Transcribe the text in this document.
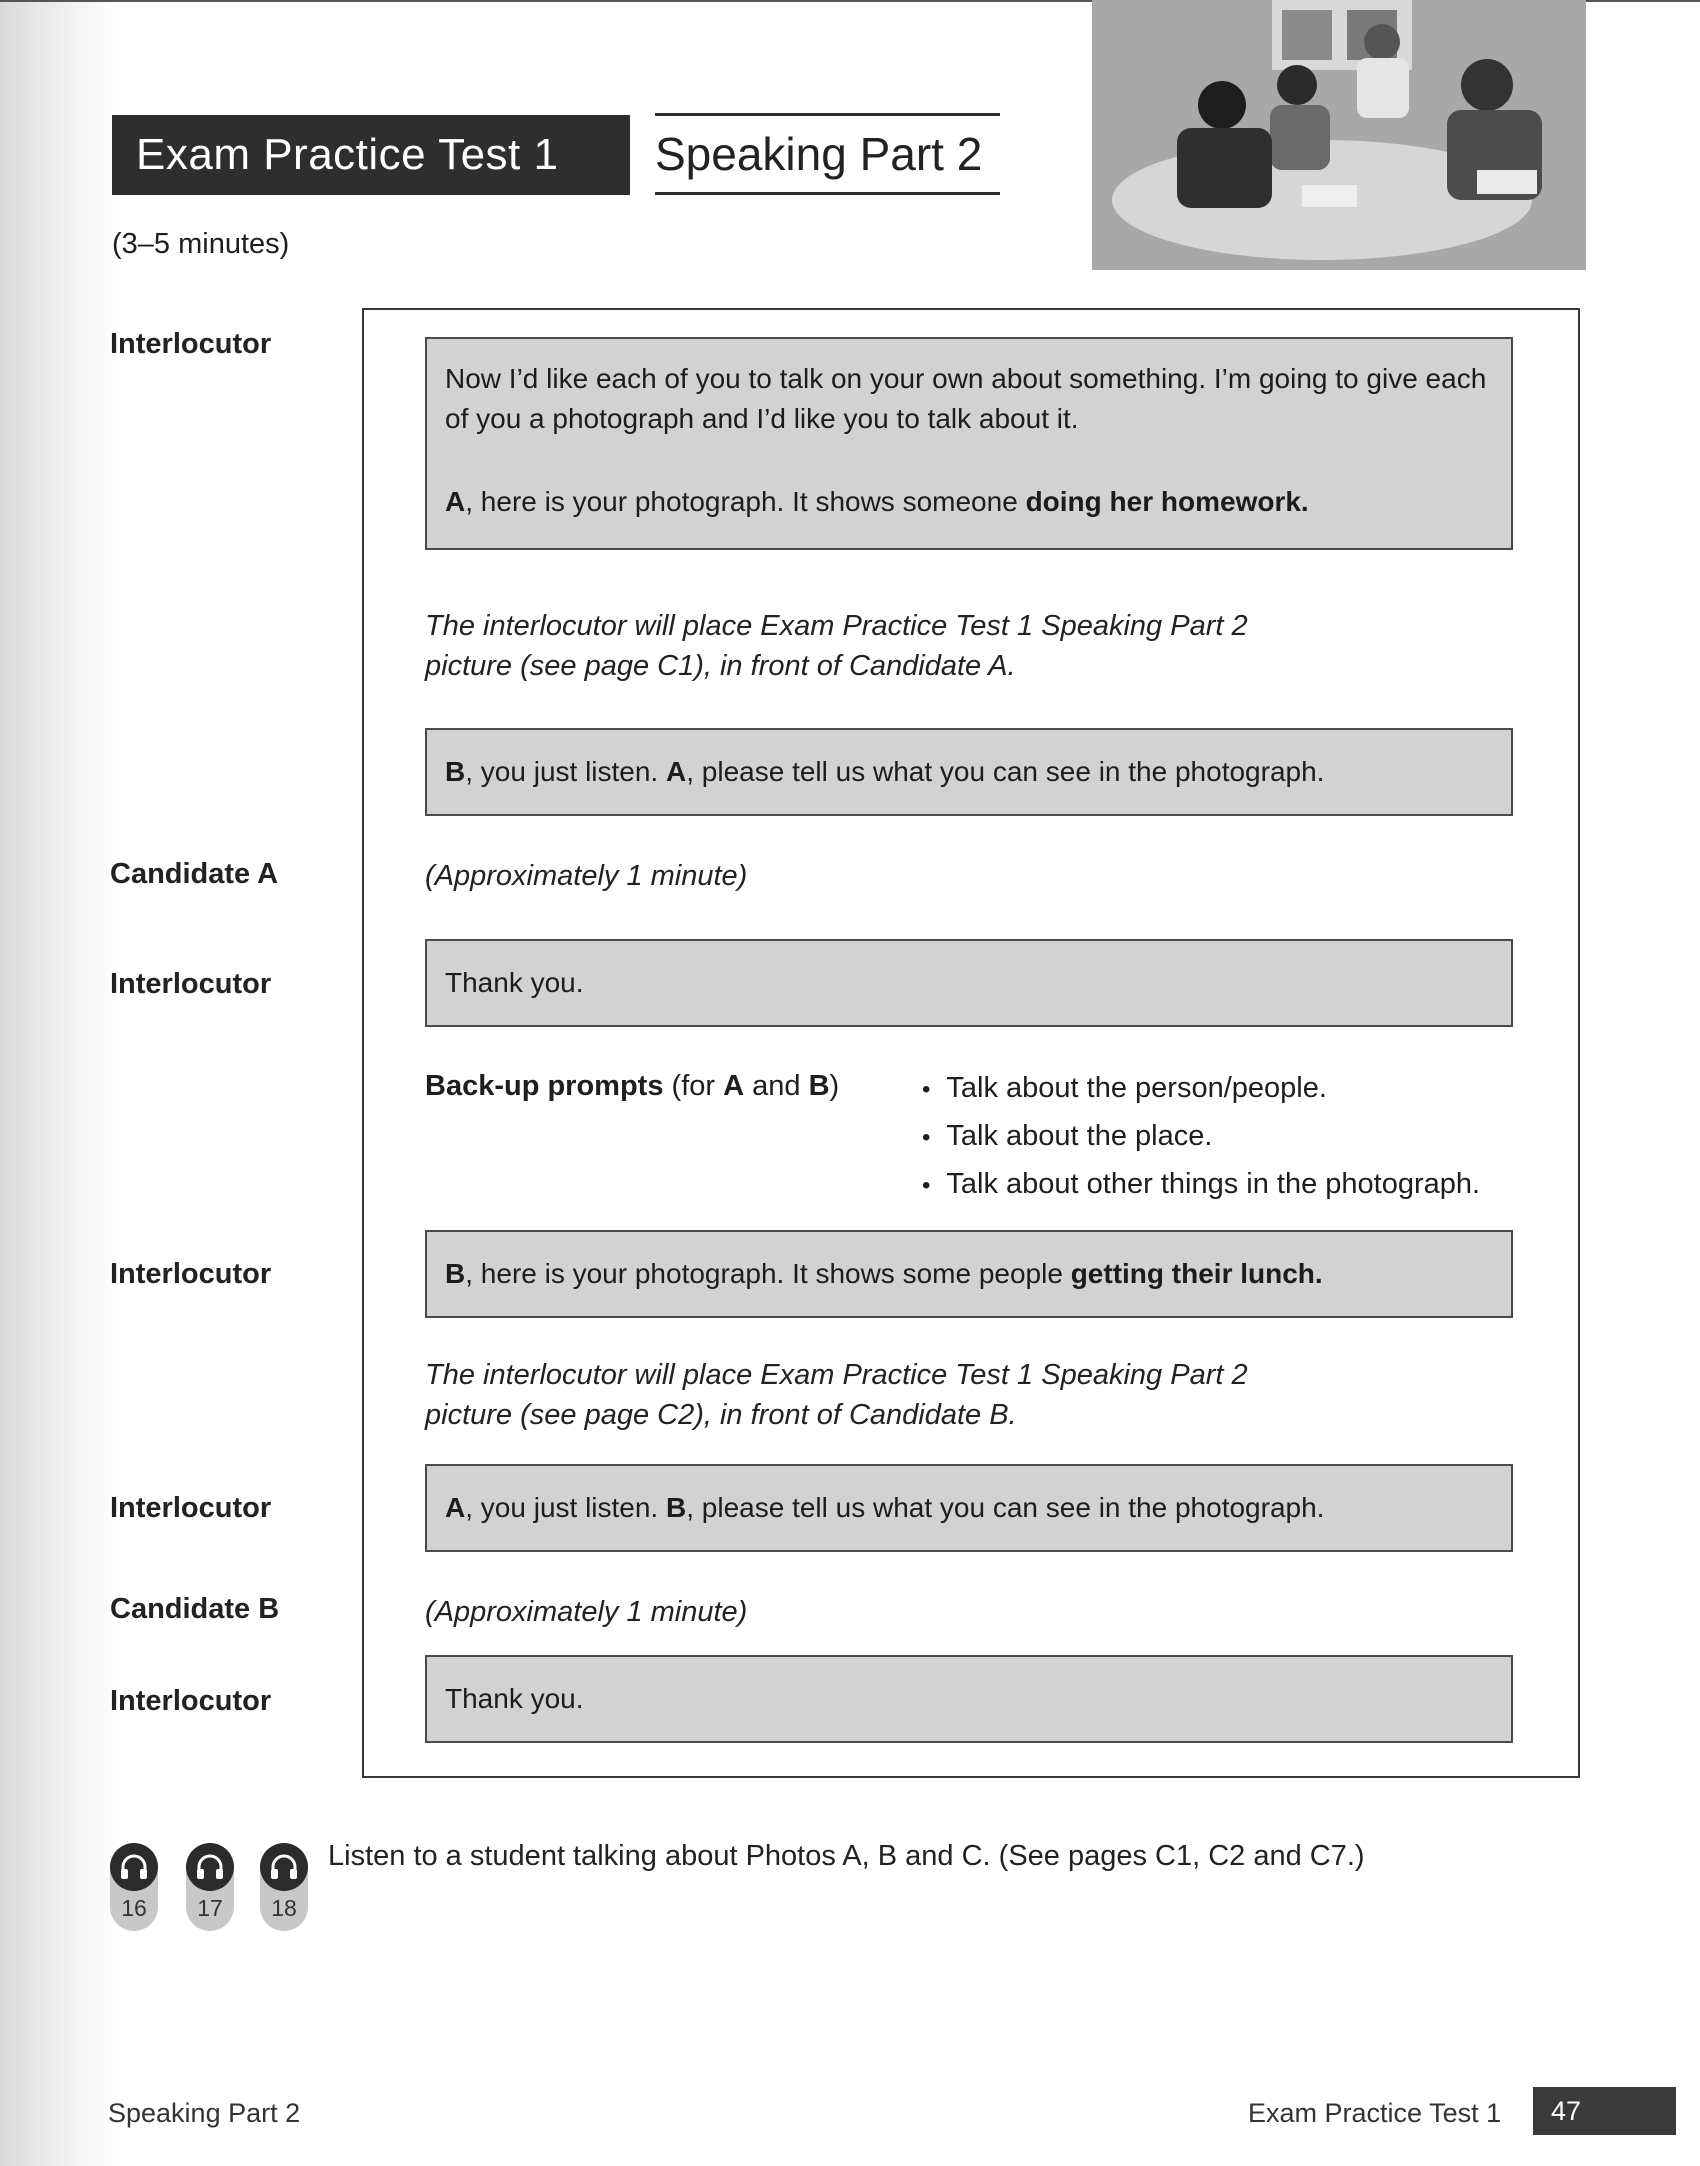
Exam Practice Test 1	Speaking Part 2
(3–5 minutes)
Interlocutor
Candidate A
Interlocutor
Interlocutor
Interlocutor
Candidate B
Interlocutor
Now I’d like each of you to talk on your own about something. I’m going to give each of you a photograph and I’d like you to talk about it.
A, here is your photograph. It shows someone doing her homework.
The interlocutor will place Exam Practice Test 1 Speaking Part 2 picture (see page C1), in front of Candidate A.
B, you just listen. A, please tell us what you can see in the photograph.
(Approximately 1 minute)
Thank you.
Back-up prompts (for A and B)
•	Talk about the person/people.
• Talk about the place.
• Talk about other things in the photograph.
B, here is your photograph. It shows some people getting their lunch.
The interlocutor will place Exam Practice Test 1 Speaking Part 2 picture (see page C2), in front of Candidate B.
A, you just listen. B, please tell us what you can see in the photograph.
(Approximately 1 minute)
Thank you.
16	17	18
Listen to a student talking about Photos A, B and C. (See pages C1, C2 and C7.)
Speaking Part 2	Exam Practice Test 1	47
